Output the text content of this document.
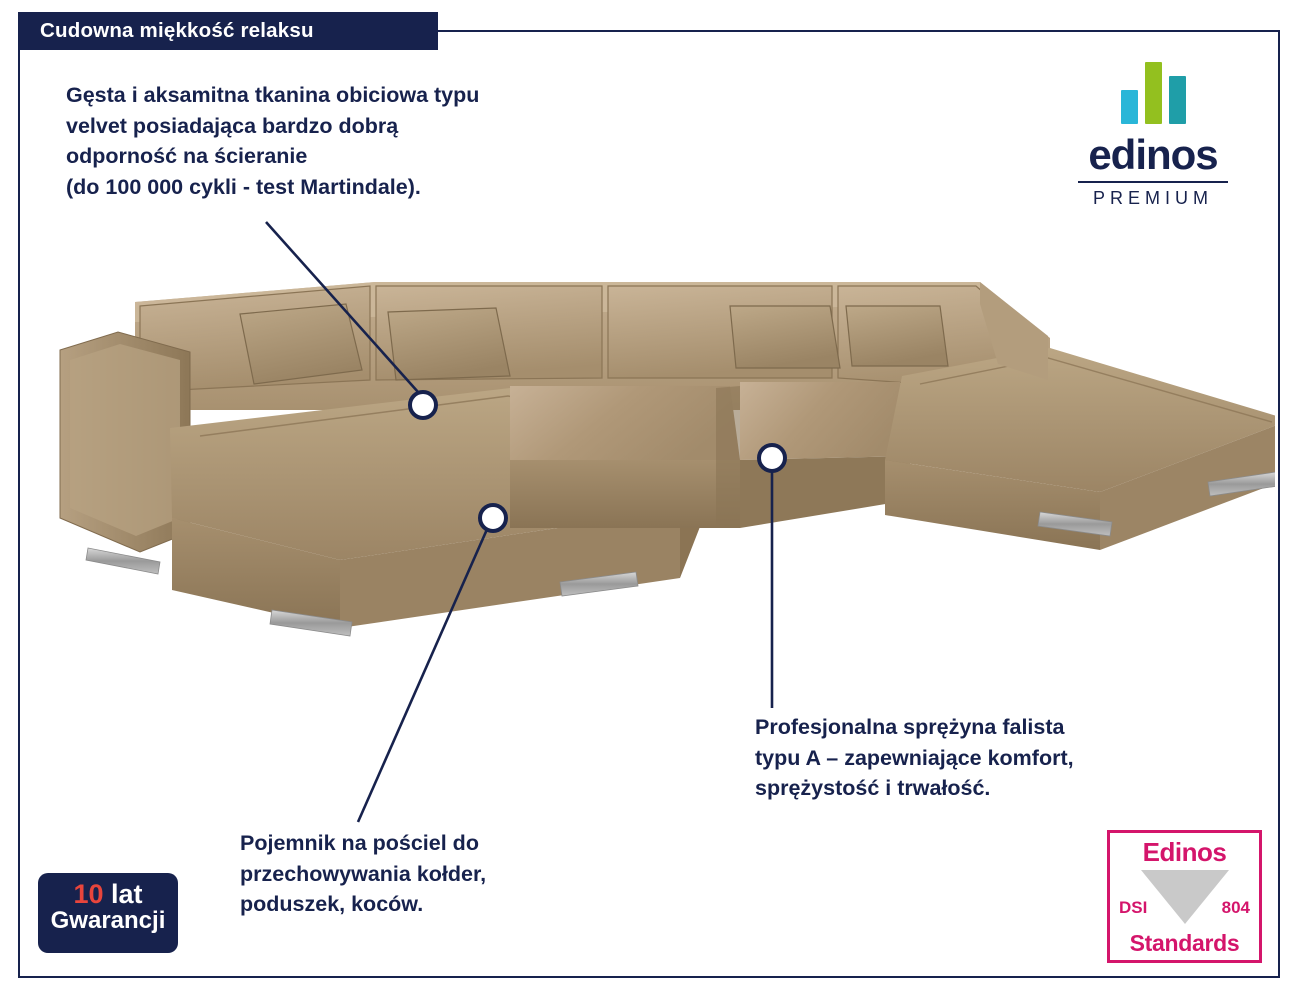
Cudowna miękkość relaksu
Gęsta i aksamitna tkanina obiciowa typu
velvet posiadająca bardzo dobrą
odporność na ścieranie
(do 100 000 cykli - test Martindale).
Profesjonalna sprężyna falista
typu A – zapewniające komfort,
sprężystość i trwałość.
Pojemnik na pościel do
przechowywania kołder,
poduszek, koców.
edinos
PREMIUM
10 lat
Gwarancji
Edinos
DSI	804
Standards
